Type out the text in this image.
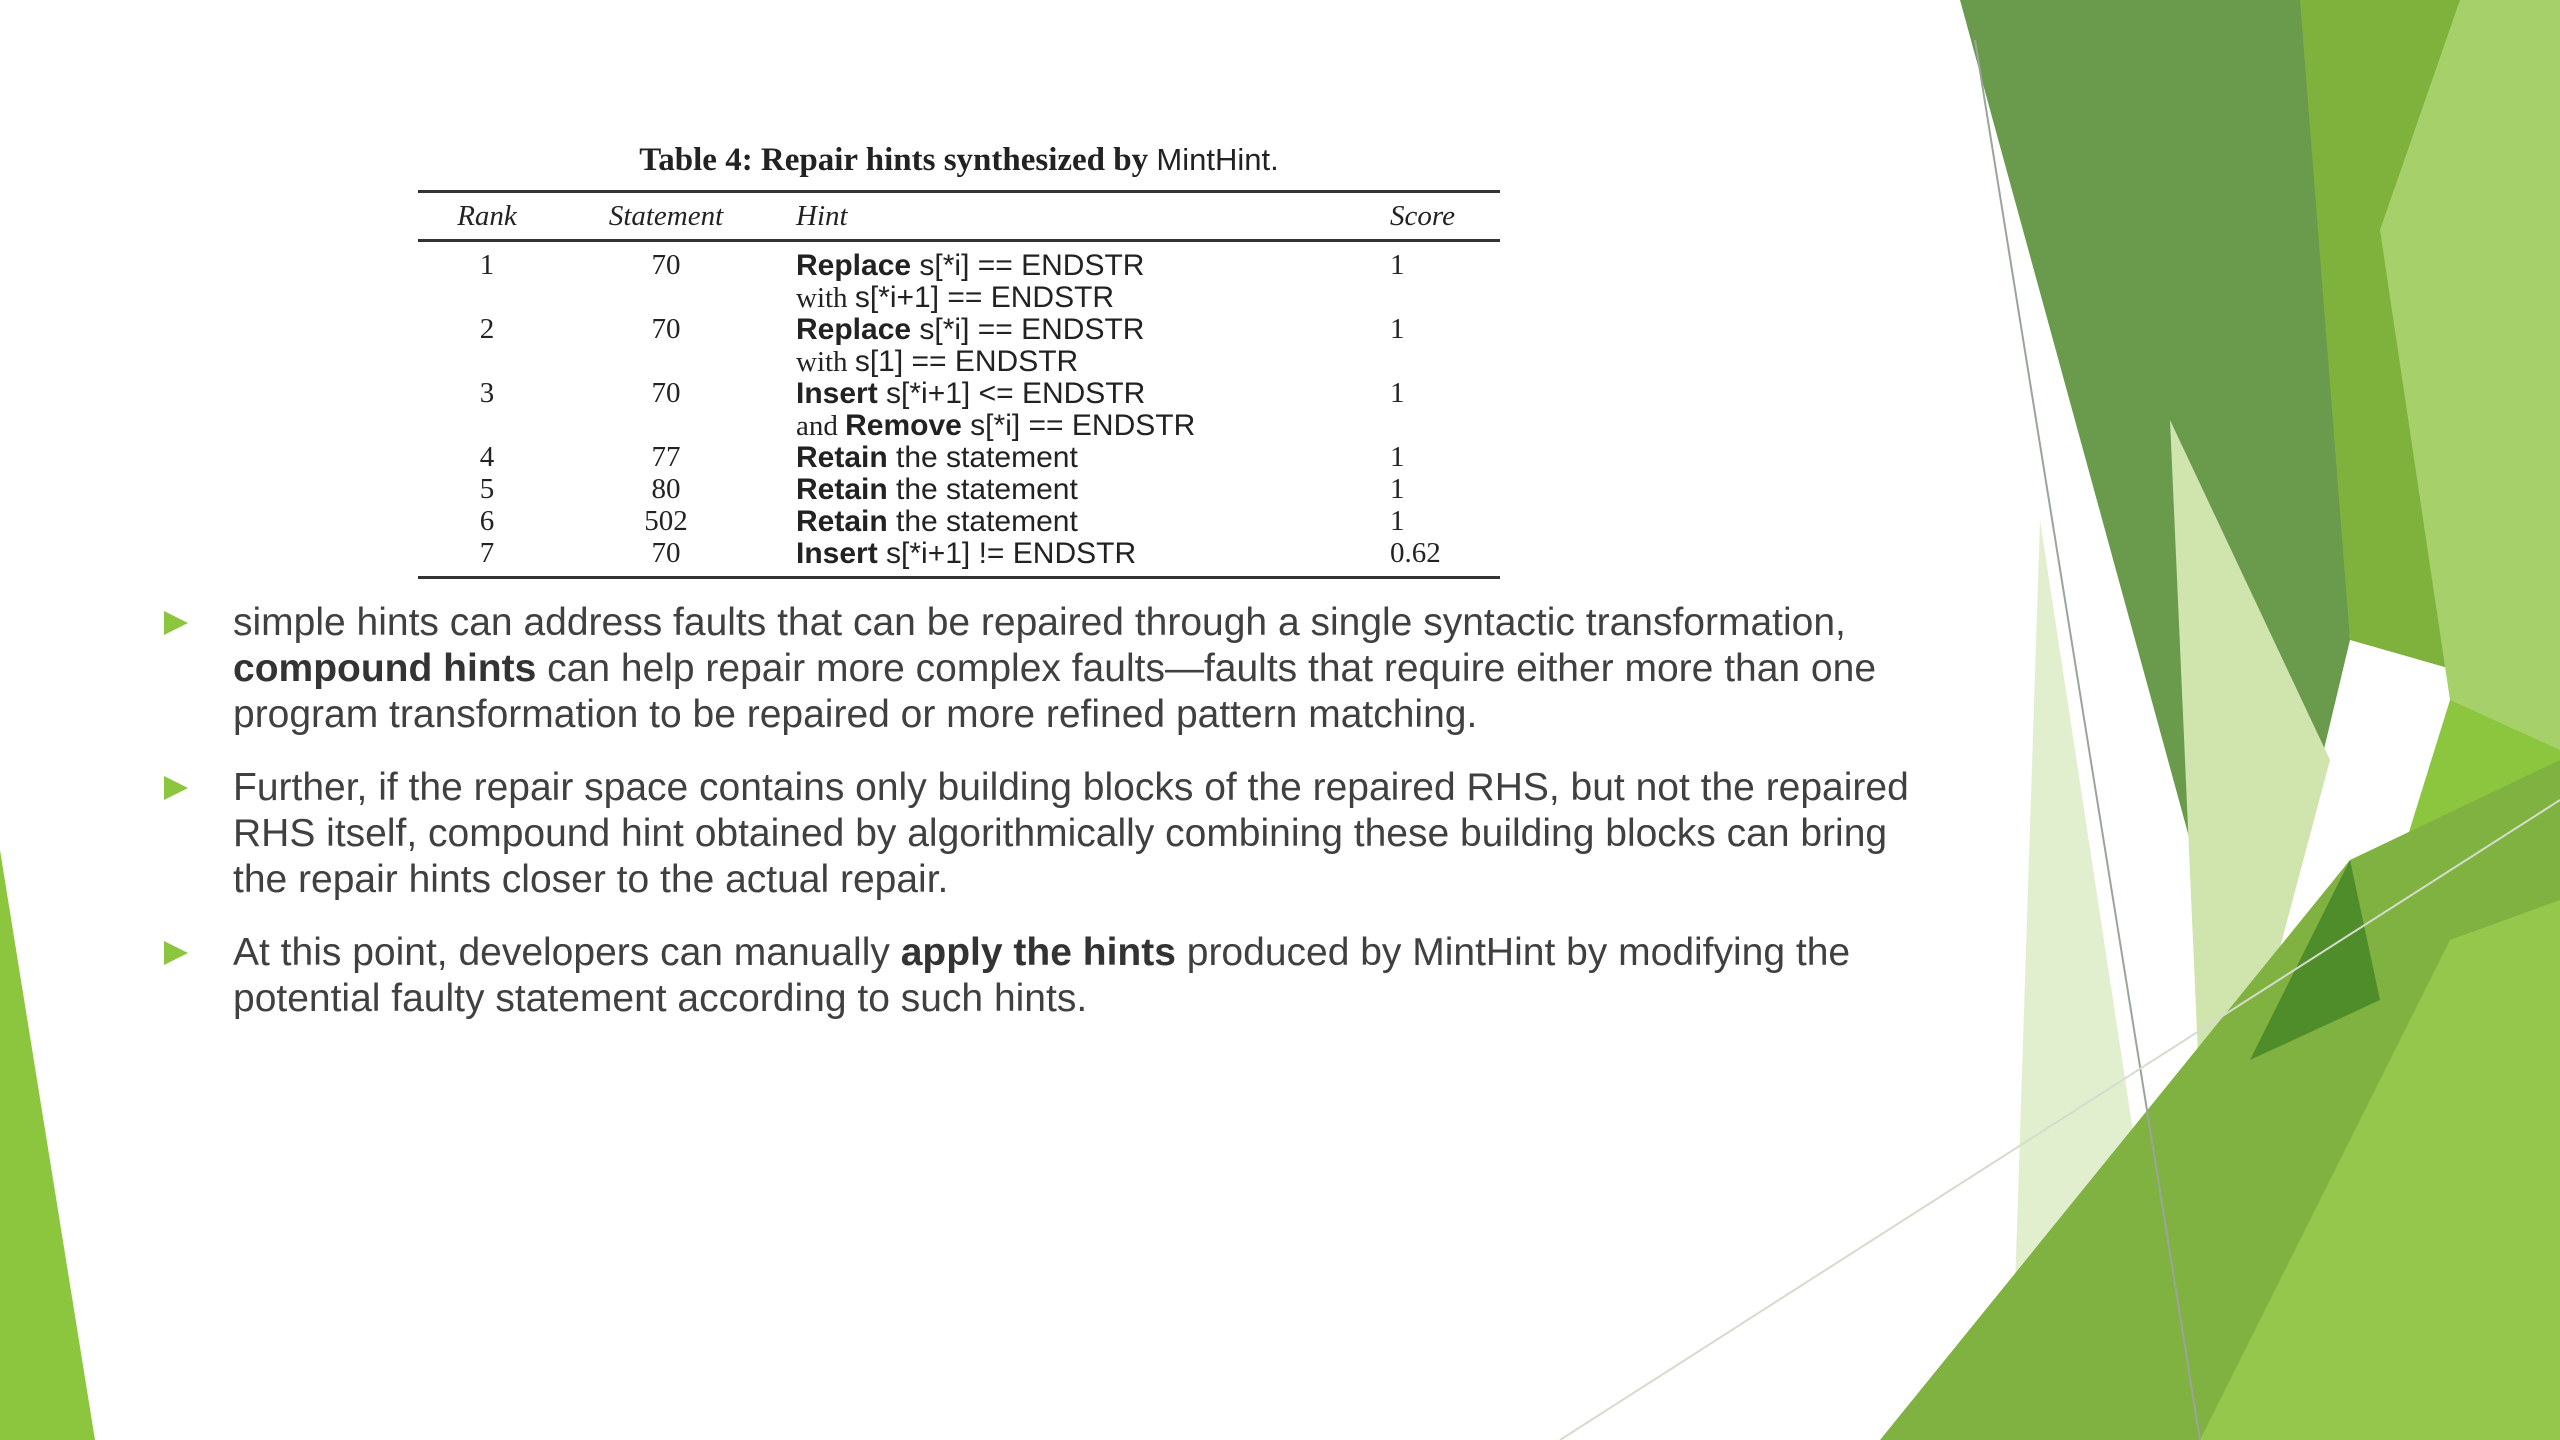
Table 4: Repair hints synthesized by MintHint.
Rank	Statement	Hint	Score
1	70	Replace s[*i] == ENDSTR
with s[*i+1] == ENDSTR	1
2	70	Replace s[*i] == ENDSTR
with s[1] == ENDSTR	1
3	70	Insert s[*i+1] <= ENDSTR
and Remove s[*i] == ENDSTR	1
4	77	Retain the statement	1
5	80	Retain the statement	1
6	502	Retain the statement	1
7	70	Insert s[*i+1] != ENDSTR	0.62
simple hints can address faults that can be repaired through a single syntactic transformation, compound hints can help repair more complex faults—faults that require either more than one program transformation to be repaired or more refined pattern matching.
Further, if the repair space contains only building blocks of the repaired RHS, but not the repaired RHS itself, compound hint obtained by algorithmically combining these building blocks can bring the repair hints closer to the actual repair.
At this point, developers can manually apply the hints produced by MintHint by modifying the potential faulty statement according to such hints.
